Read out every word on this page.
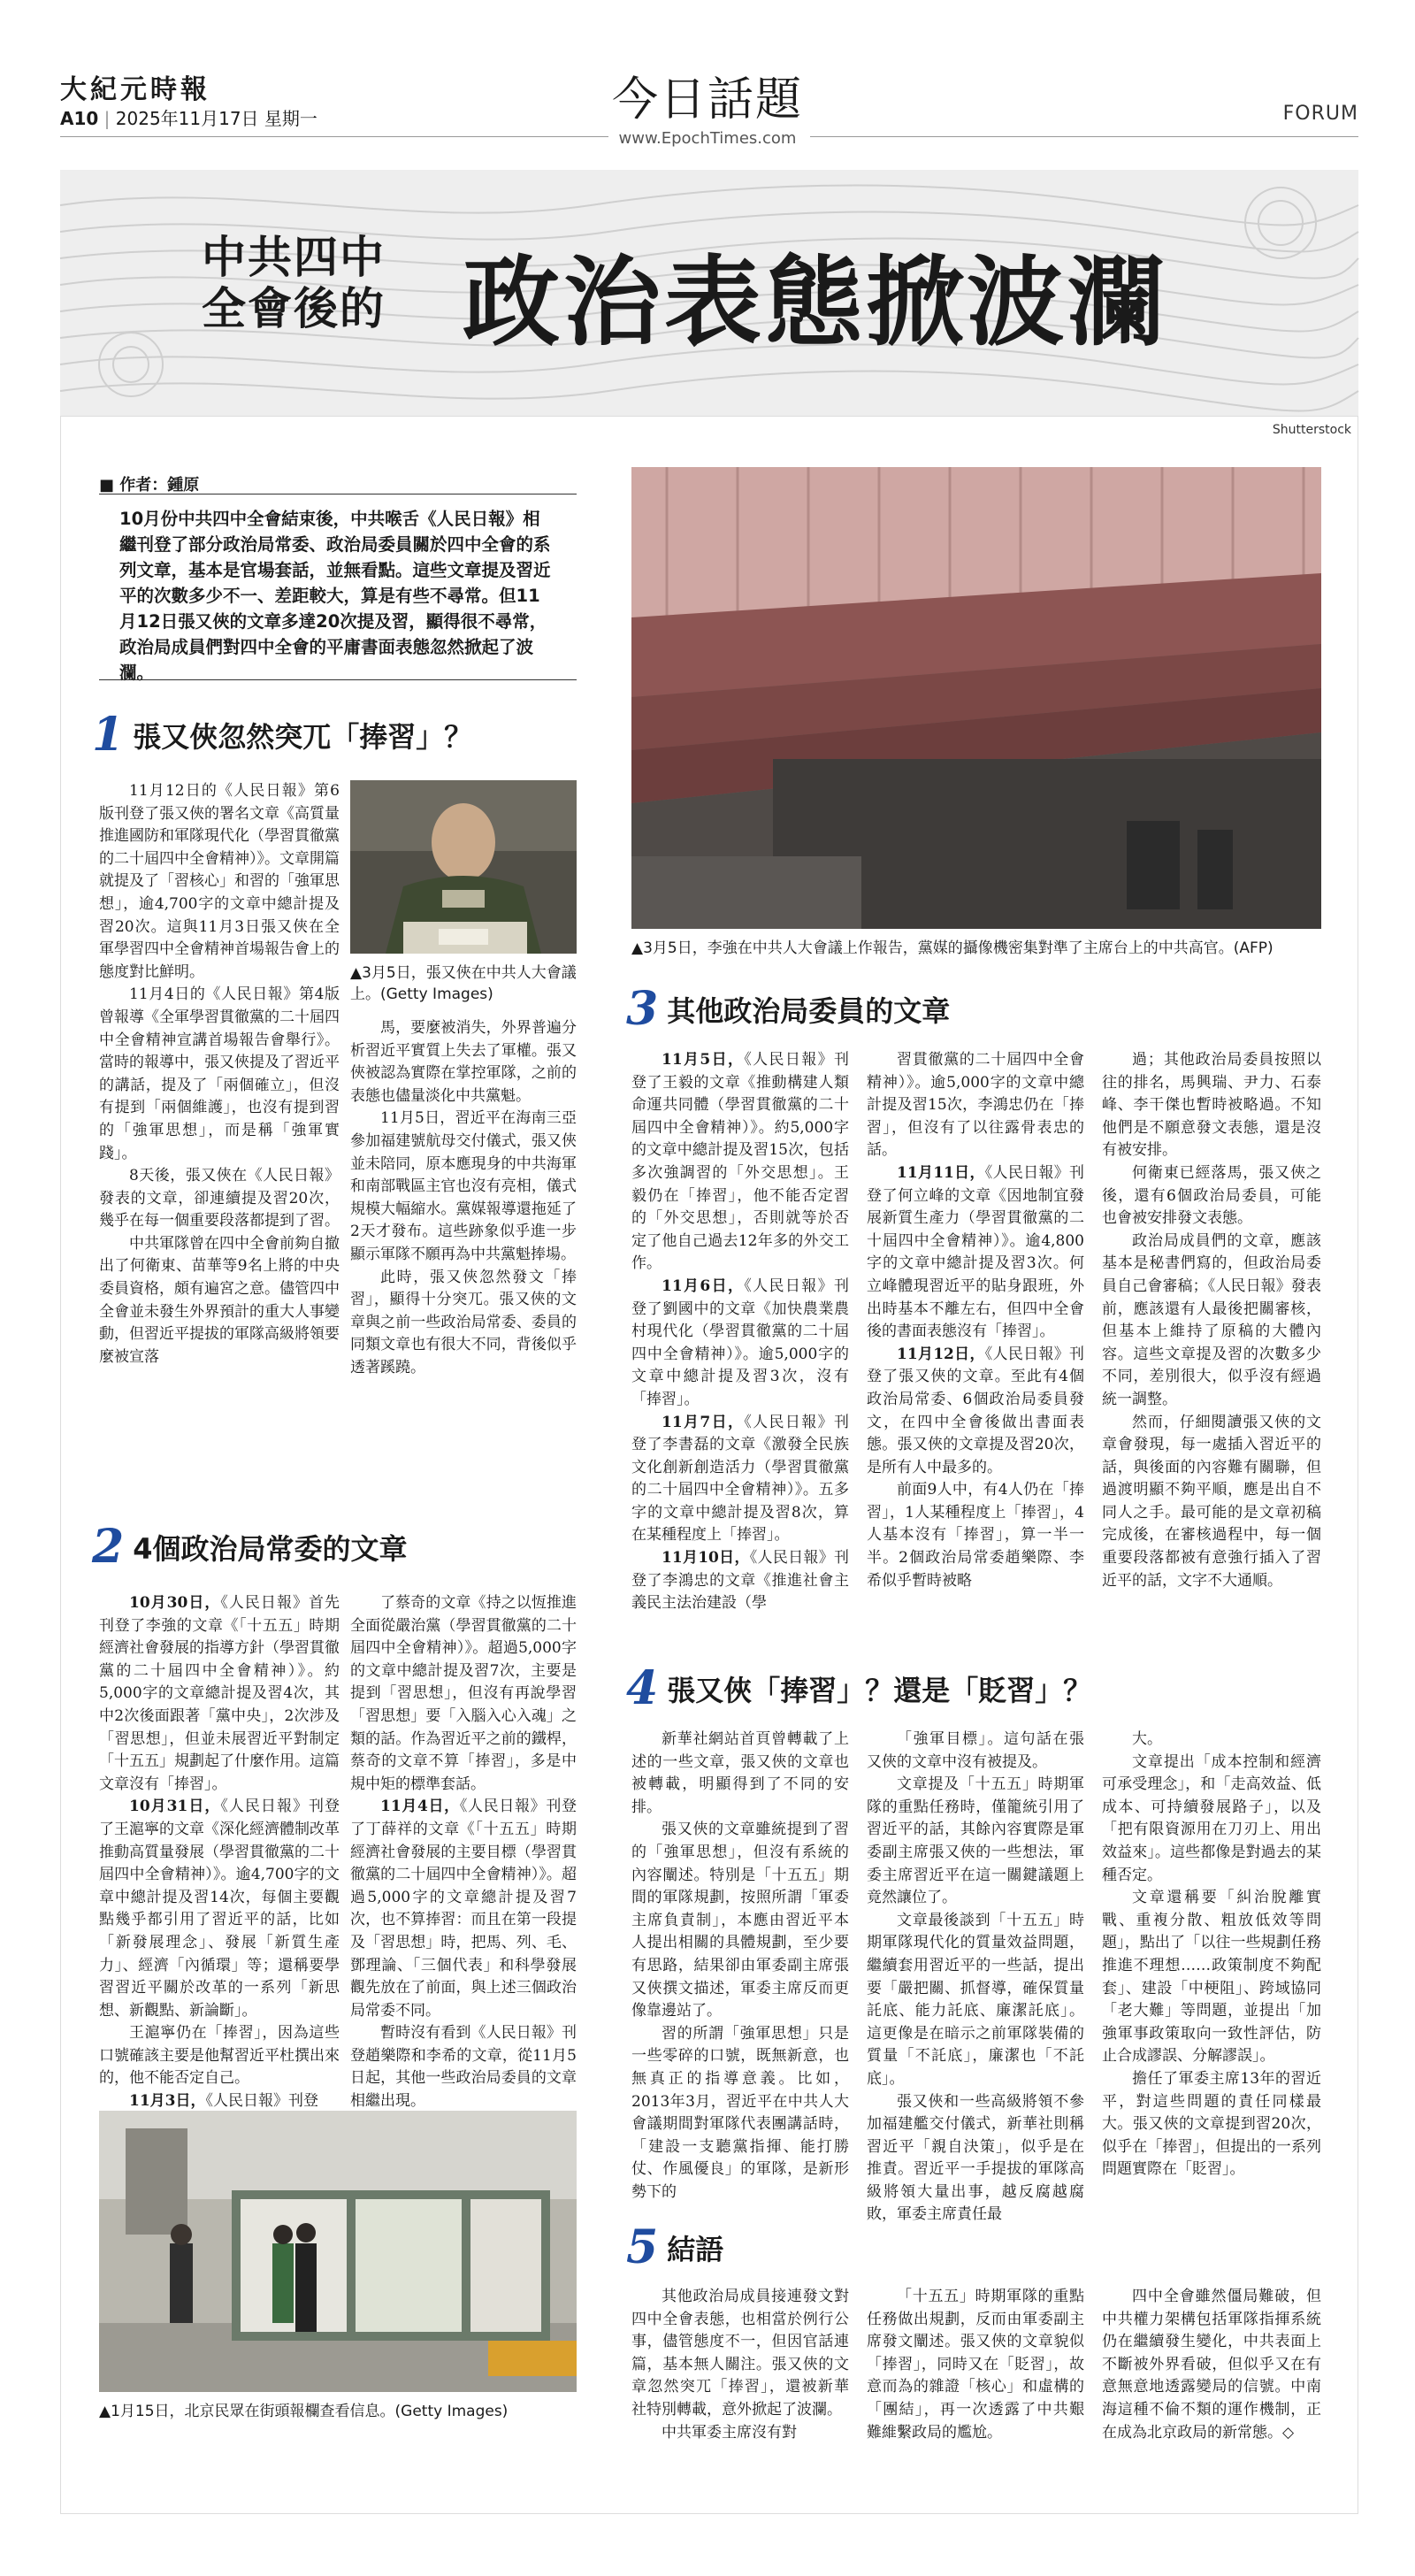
大紀元時報
A10 | 2025年11月17日 星期一	今日話題
www.EpochTimes.com
FORUM
中共四中
全會後的 政治表態掀波瀾
Shutterstock
■ 作者：鍾原
10月份中共四中全會結束後，中共喉舌《人民日報》相繼刊登了部分政治局常委、政治局委員關於四中全會的系列文章，基本是官場套話，並無看點。這些文章提及習近平的次數多少不一、差距較大，算是有些不尋常。但11月12日張又俠的文章多達20次提及習，顯得很不尋常，政治局成員們對四中全會的平庸書面表態忽然掀起了波瀾。
1 張又俠忽然突兀「捧習」？

11月12日的《人民日報》第6版刊登了張又俠的署名文章《高質量推進國防和軍隊現代化（學習貫徹黨的二十屆四中全會精神）》。文章開篇就提及了「習核心」和習的「強軍思想」，逾4,700字的文章中總計提及習20次。這與11月3日張又俠在全軍學習四中全會精神首場報告會上的態度對比鮮明。

11月4日的《人民日報》第4版曾報導《全軍學習貫徹黨的二十屆四中全會精神宣講首場報告會舉行》。當時的報導中，張又俠提及了習近平的講話，提及了「兩個確立」，但沒有提到「兩個維護」，也沒有提到習的「強軍思想」，而是稱「強軍實踐」。

8天後，張又俠在《人民日報》發表的文章，卻連續提及習20次，幾乎在每一個重要段落都提到了習。

中共軍隊曾在四中全會前夠自撤出了何衛東、苗華等9名上將的中央委員資格，頗有遍宮之意。儘管四中全會並未發生外界預計的重大人事變動，但習近平提拔的軍隊高級將領要麼被宣落

▲3月5日，張又俠在中共人大會議上。(Getty Images)

馬，要麼被消失，外界普遍分析習近平實質上失去了軍權。張又俠被認為實際在掌控軍隊，之前的表態也儘量淡化中共黨魁。

11月5日，習近平在海南三亞參加福建號航母交付儀式，張又俠並未陪同，原本應現身的中共海軍和南部戰區主官也沒有亮相，儀式規模大幅縮水。黨媒報導還拖延了2天才發布。這些跡象似乎進一步顯示軍隊不願再為中共黨魁捧場。

此時，張又俠忽然發文「捧習」，顯得十分突兀。張又俠的文章與之前一些政治局常委、委員的同類文章也有很大不同，背後似乎透著蹊蹺。

2 4個政治局常委的文章

10月30日，《人民日報》首先刊登了李強的文章《「十五五」時期經濟社會發展的指導方針（學習貫徹黨的二十屆四中全會精神）》。約5,000字的文章總計提及習4次，其中2次後面跟著「黨中央」，2次涉及「習思想」，但並未展習近平對制定「十五五」規劃起了什麼作用。這篇文章沒有「捧習」。

10月31日，《人民日報》刊登了王滬寧的文章《深化經濟體制改革 推動高質量發展（學習貫徹黨的二十屆四中全會精神）》。逾4,700字的文章中總計提及習14次，每個主要觀點幾乎都引用了習近平的話，比如「新發展理念」、發展「新質生產力」、經濟「內循環」等；還稱要學習習近平關於改革的一系列「新思想、新觀點、新論斷」。

王滬寧仍在「捧習」，因為這些口號確該主要是他幫習近平杜撰出來的，他不能否定自己。

11月3日，《人民日報》刊登

了蔡奇的文章《持之以恆推進全面從嚴治黨（學習貫徹黨的二十屆四中全會精神）》。超過5,000字的文章中總計提及習7次，主要是提到「習思想」，但沒有再說學習「習思想」要「入腦入心入魂」之類的話。作為習近平之前的鐵桿，蔡奇的文章不算「捧習」，多是中規中矩的標準套話。

11月4日，《人民日報》刊登了丁薛祥的文章《「十五五」時期經濟社會發展的主要目標（學習貫徹黨的二十屆四中全會精神）》。超過5,000字的文章總計提及習7次，也不算捧習：而且在第一段提及「習思想」時，把馬、列、毛、鄧理論、「三個代表」和科學發展觀先放在了前面，與上述三個政治局常委不同。

暫時沒有看到《人民日報》刊登趙樂際和李希的文章，從11月5日起，其他一些政治局委員的文章相繼出現。

▲1月15日，北京民眾在街頭報欄查看信息。(Getty Images)
▲3月5日，李強在中共人大會議上作報告，黨媒的攝像機密集對準了主席台上的中共高官。(AFP)
3 其他政治局委員的文章

11月5日，《人民日報》刊登了王毅的文章《推動構建人類命運共同體（學習貫徹黨的二十屆四中全會精神）》。約5,000字的文章中總計提及習15次，包括多次強調習的「外交思想」。王毅仍在「捧習」，他不能否定習的「外交思想」，否則就等於否定了他自己過去12年多的外交工作。

11月6日，《人民日報》刊登了劉國中的文章《加快農業農村現代化（學習貫徹黨的二十屆四中全會精神）》。逾5,000字的文章中總計提及習3次，沒有「捧習」。

11月7日，《人民日報》刊登了李書磊的文章《激發全民族文化創新創造活力（學習貫徹黨的二十屆四中全會精神）》。五多字的文章中總計提及習8次，算在某種程度上「捧習」。

11月10日，《人民日報》刊登了李鴻忠的文章《推進社會主義民主法治建設（學

習貫徹黨的二十屆四中全會精神）》。逾5,000字的文章中總計提及習15次，李鴻忠仍在「捧習」，但沒有了以往露骨表忠的話。

11月11日，《人民日報》刊登了何立峰的文章《因地制宜發展新質生產力（學習貫徹黨的二十屆四中全會精神）》。逾4,800字的文章中總計提及習3次。何立峰體現習近平的貼身跟班，外出時基本不離左右，但四中全會後的書面表態沒有「捧習」。

11月12日，《人民日報》刊登了張又俠的文章。至此有4個政治局常委、6個政治局委員發文，在四中全會後做出書面表態。張又俠的文章提及習20次，是所有人中最多的。

前面9人中，有4人仍在「捧習」，1人某種程度上「捧習」，4人基本沒有「捧習」，算一半一半。2個政治局常委趙樂際、李希似乎暫時被略

過；其他政治局委員按照以往的排名，馬興瑞、尹力、石泰峰、李干傑也暫時被略過。不知他們是不願意發文表態，還是沒有被安排。

何衛東已經落馬，張又俠之後，還有6個政治局委員，可能也會被安排發文表態。

政治局成員們的文章，應該基本是秘書們寫的，但政治局委員自己會審稿；《人民日報》發表前，應該還有人最後把關審核，但基本上維持了原稿的大體內容。這些文章提及習的次數多少不同，差別很大，似乎沒有經過統一調整。

然而，仔細閱讀張又俠的文章會發現，每一處插入習近平的話，與後面的內容難有關聯，但過渡明顯不夠平順，應是出自不同人之手。最可能的是文章初稿完成後，在審核過程中，每一個重要段落都被有意強行插入了習近平的話，文字不大通順。

4 張又俠「捧習」？還是「貶習」？

新華社網站首頁曾轉載了上述的一些文章，張又俠的文章也被轉載，明顯得到了不同的安排。

張又俠的文章雖統提到了習的「強軍思想」，但沒有系統的內容闡述。特別是「十五五」期間的軍隊規劃，按照所謂「軍委主席負責制」，本應由習近平本人提出相關的具體規劃，至少要有思路，結果卻由軍委副主席張又俠撰文描述，軍委主席反而更像靠邊站了。

習的所謂「強軍思想」只是一些零碎的口號，既無新意，也無真正的指導意義。比如，2013年3月，習近平在中共人大會議期間對軍隊代表團講話時，「建設一支聽黨指揮、能打勝仗、作風優良」的軍隊，是新形勢下的

「強軍目標」。這句話在張又俠的文章中沒有被提及。

文章提及「十五五」時期軍隊的重點任務時，僅籠統引用了習近平的話，其餘內容實際是軍委副主席張又俠的一些想法，軍委主席習近平在這一關鍵議題上竟然讓位了。

文章最後談到「十五五」時期軍隊現代化的質量效益問題，繼續套用習近平的一些話，提出要「嚴把關、抓督導，確保質量託底、能力託底、廉潔託底」。這更像是在暗示之前軍隊裝備的質量「不託底」，廉潔也「不託底」。

張又俠和一些高級將領不參加福建艦交付儀式，新華社則稱習近平「親自決策」，似乎是在推責。習近平一手提拔的軍隊高級將領大量出事，越反腐越腐敗，軍委主席責任最

大。

文章提出「成本控制和經濟可承受理念」，和「走高效益、低成本、可持續發展路子」，以及「把有限資源用在刀刃上、用出效益來」。這些都像是對過去的某種否定。

文章還稱要「糾治脫離實戰、重複分散、粗放低效等問題」，點出了「以往一些規劃任務推進不理想……政策制度不夠配套」、建設「中梗阻」、跨域協同「老大難」等問題，並提出「加強軍事政策取向一致性評估，防止合成謬誤、分解謬誤」。

擔任了軍委主席13年的習近平，對這些問題的責任同樣最大。張又俠的文章提到習20次，似乎在「捧習」，但提出的一系列問題實際在「貶習」。

5 結語

其他政治局成員接連發文對四中全會表態，也相當於例行公事，儘管態度不一，但因官話連篇，基本無人關注。張又俠的文章忽然突兀「捧習」，還被新華社特別轉載，意外掀起了波瀾。

中共軍委主席沒有對

「十五五」時期軍隊的重點任務做出規劃，反而由軍委副主席發文闡述。張又俠的文章貌似「捧習」，同時又在「貶習」，故意而為的雜證「核心」和虛構的「團結」，再一次透露了中共艱難維繫政局的尷尬。

四中全會雖然僵局難破，但中共權力架構包括軍隊指揮系統仍在繼續發生變化，中共表面上不斷被外界看破，但似乎又在有意無意地透露變局的信號。中南海這種不倫不類的運作機制，正在成為北京政局的新常態。◇
